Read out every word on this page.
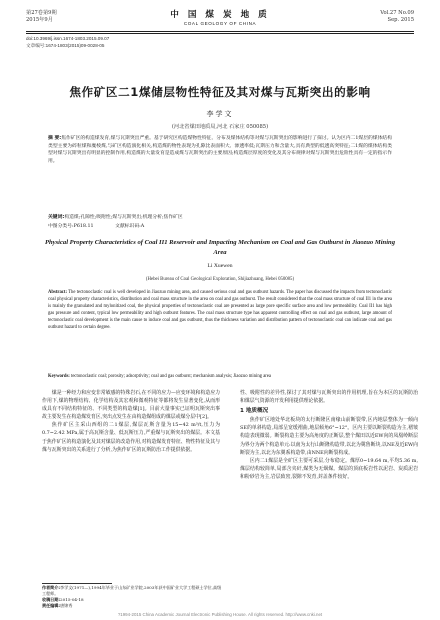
第27卷第9期
2015年9月	中 国 煤 炭 地 质
COAL GEOLOGY OF CHINA
Vol.27 No.09
Sep. 2015
doi:10.3969/j.issn.1674-1803.2015.09.07
文章编号:1674-1803(2015)09-0028-05
焦作矿区二1煤储层物性特征及其对煤与瓦斯突出的影响
李学文
(河北省煤田地质局,河北 石家庄 050085)
摘 要:焦作矿区的构造煤发育,煤与瓦斯突出严重。基于研究区构造煤物性特征、分布及煤体结构等对煤与瓦斯突出的影响进行了探讨。认为区内二1煤层的煤体结构类型主要为碎粒煤和糜棱煤,与矿区构造演化相关,构造煤的物性表现为孔隙比表面积大、渗透率低;瓦斯压力和含量大,具有典型的低透高突特征;二1煤的煤体结构类型对煤与瓦斯突出有明显的控制作用,构造煤的大量发育是造成煤与瓦斯突出的主要原因;构造煤层厚度的变化及其分布规律对煤与瓦斯突出危险性具有一定的指示作用。
关键词:构造煤;孔隙性;吸附性;煤与瓦斯突出;机理分析;焦作矿区
中图分类号:P618.11	文献标识码:A
Physical Property Characteristics of Coal II1 Reservoir and Impacting Mechanism on Coal and Gas Outburst in Jiaozuo Mining Area
Li Xuewen
(Hebei Bureau of Coal Geological Exploration, Shijiazhuang, Hebei 050085)
Abstract: The tectonoclastic coal is well developed in Jiaozuo mining area, and caused serious coal and gas outburst hazards. The paper has discussed the impacts from tectonoclastic coal physical property characteristics, distribution and coal mass structure in the area on coal and gas outburst. The result considered that the coal mass structure of coal II1 in the area is mainly the granulated and mylonitized coal, the physical properties of tectonoclastic coal are presented as large pore specific surface area and low permeability. Coal II1 has high gas pressure and content, typical low permeability and high outburst features. The coal mass structure type has apparent controlling effect on coal and gas outburst, large amount of tectonoclastic coal development is the main cause to induce coal and gas outburst, thus the thickness variation and distribution pattern of tectonoclastic coal can indicate coal and gas outburst hazard to certain degree.
Keywords: tectonoclastic coal; porosity; adsorptivity; coal and gas outburst; mechanism analysis; Jiaozuo mining area

煤是一种经力和应变非常敏感的特殊岩石,在不同的应力—应变环境和构造应力作用下,煤的物理结构、化学结构及其宏观和微观特征等都将发生显著变化,从而形成具有不同结构特征的、不同类型的构造煤[1]。目前大量事实已证明瓦斯突出事故主要发生在构造煤发育区,突出点发生在由构造煤组成的煤层或煤分层中[2]。

焦作矿区主采山西组的二1煤层,煤层瓦斯含量为15~42 m³/t,压力为0.7~2.42 MPa,属于高瓦斯含量、低瓦斯压力,严重煤与瓦斯突出的煤层。本文基于焦作矿区的构造演化及其对煤层的改造作用,对构造煤发育特征、物性特征及其与煤与瓦斯突出的关系进行了分析,为焦作矿区的瓦斯防治工作提供依据。

性、吸附性的差异性,探讨了其对煤与瓦斯突出的作用机理,旨在为本区的瓦斯防治和煤层气资源的开发利用提供理论依据。

1 地质概况

焦作矿区地处华北板块的太行断隆区南缘山前断裂带,区内地层整体为一倾向SE的单斜构造,局部呈宽缓褶曲,地层倾角6°~12°。区内主要以断裂构造为主,褶皱构造表现微弱。断裂构造主要为高角度的正断层,整个煤田以近EW向的凤凰岭断层为界分为两个构造单元:以南为太行山断隆构造带,以北为冀鲁断块,以NE及近EW向断裂为主,以北为东翼系构造带,由NNE向断裂构成。

区内二1煤层是全矿区主要可采层,分布稳定。煤厚0~19.64 m,平均5.36 m,煤层结构较简单,局部含夹矸,煤类为无烟煤。煤层的顶底板岩性以泥岩、炭质泥岩和粉砂岩为主,岩层致密,裂隙不发育,封盖条件较好。

作者简介:李学文(1971—),1994年毕业于山东矿业学院,2003年获中国矿业大学工程硕士学位,高级工程师。
收稿日期:2015-04-18
责任编辑:唐锦秀
?1994-2015 China Academic Journal Electronic Publishing House. All rights reserved. http://www.cnki.net
